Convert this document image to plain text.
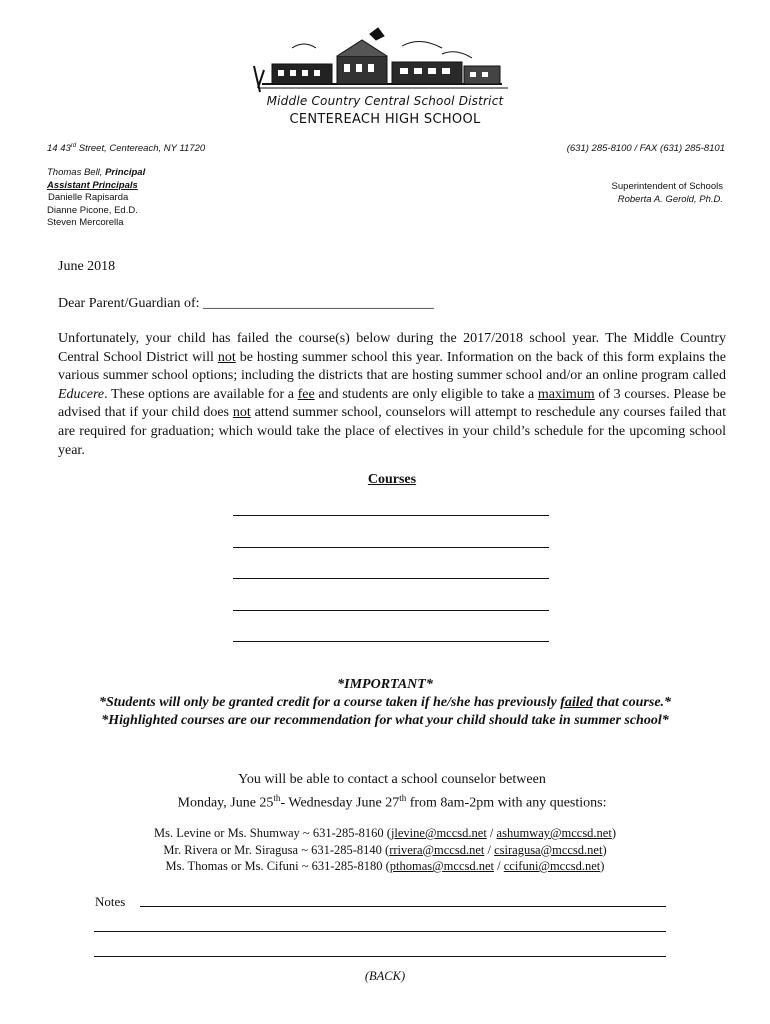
Middle Country Central School District
CENTEREACH HIGH SCHOOL
14 43rd Street, Centereach, NY 11720	(631) 285-8100 / FAX (631) 285-8101
Thomas Bell, Principal
Assistant Principals
Danielle Rapisarda
Dianne Picone, Ed.D.
Steven Mercorella
Superintendent of Schools
Roberta A. Gerold, Ph.D.
June 2018
Dear Parent/Guardian of: _________________________________
Unfortunately, your child has failed the course(s) below during the 2017/2018 school year. The Middle Country Central School District will not be hosting summer school this year. Information on the back of this form explains the various summer school options; including the districts that are hosting summer school and/or an online program called Educere. These options are available for a fee and students are only eligible to take a maximum of 3 courses. Please be advised that if your child does not attend summer school, counselors will attempt to reschedule any courses failed that are required for graduation; which would take the place of electives in your child’s schedule for the upcoming school year.
Courses
*IMPORTANT*
*Students will only be granted credit for a course taken if he/she has previously failed that course.*
*Highlighted courses are our recommendation for what your child should take in summer school*
You will be able to contact a school counselor between
Monday, June 25th- Wednesday June 27th from 8am-2pm with any questions:
Ms. Levine or Ms. Shumway ~ 631-285-8160 (jlevine@mccsd.net / ashumway@mccsd.net)
Mr. Rivera or Mr. Siragusa ~ 631-285-8140 (rrivera@mccsd.net / csiragusa@mccsd.net)
Ms. Thomas or Ms. Cifuni ~ 631-285-8180 (pthomas@mccsd.net / ccifuni@mccsd.net)
Notes
(BACK)
